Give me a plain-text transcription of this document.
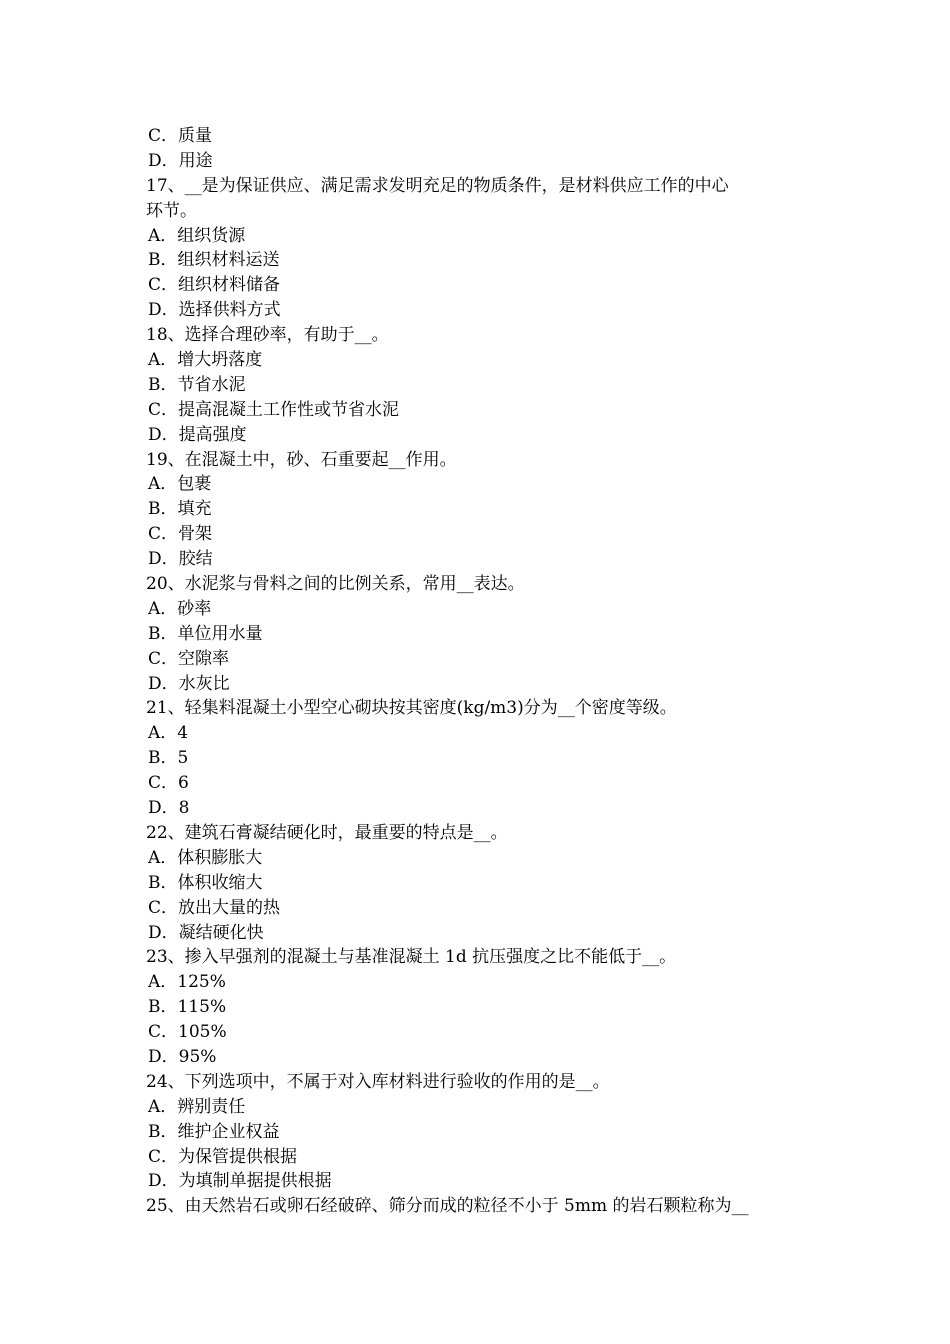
C．质量
D．用途
17、__是为保证供应、满足需求发明充足的物质条件，是材料供应工作的中心
环节。
A．组织货源
B．组织材料运送
C．组织材料储备
D．选择供料方式
18、选择合理砂率，有助于__。
A．增大坍落度
B．节省水泥
C．提高混凝土工作性或节省水泥
D．提高强度
19、在混凝土中，砂、石重要起__作用。
A．包裹
B．填充
C．骨架
D．胶结
20、水泥浆与骨料之间的比例关系，常用__表达。
A．砂率
B．单位用水量
C．空隙率
D．水灰比
21、轻集料混凝土小型空心砌块按其密度(kg/m3)分为__个密度等级。
A．4
B．5
C．6
D．8
22、建筑石膏凝结硬化时，最重要的特点是__。
A．体积膨胀大
B．体积收缩大
C．放出大量的热
D．凝结硬化快
23、掺入早强剂的混凝土与基准混凝土 1d 抗压强度之比不能低于__。
A．125%
B．115%
C．105%
D．95%
24、下列选项中，不属于对入库材料进行验收的作用的是__。
A．辨别责任
B．维护企业权益
C．为保管提供根据
D．为填制单据提供根据
25、由天然岩石或卵石经破碎、筛分而成的粒径不小于 5mm 的岩石颗粒称为__
